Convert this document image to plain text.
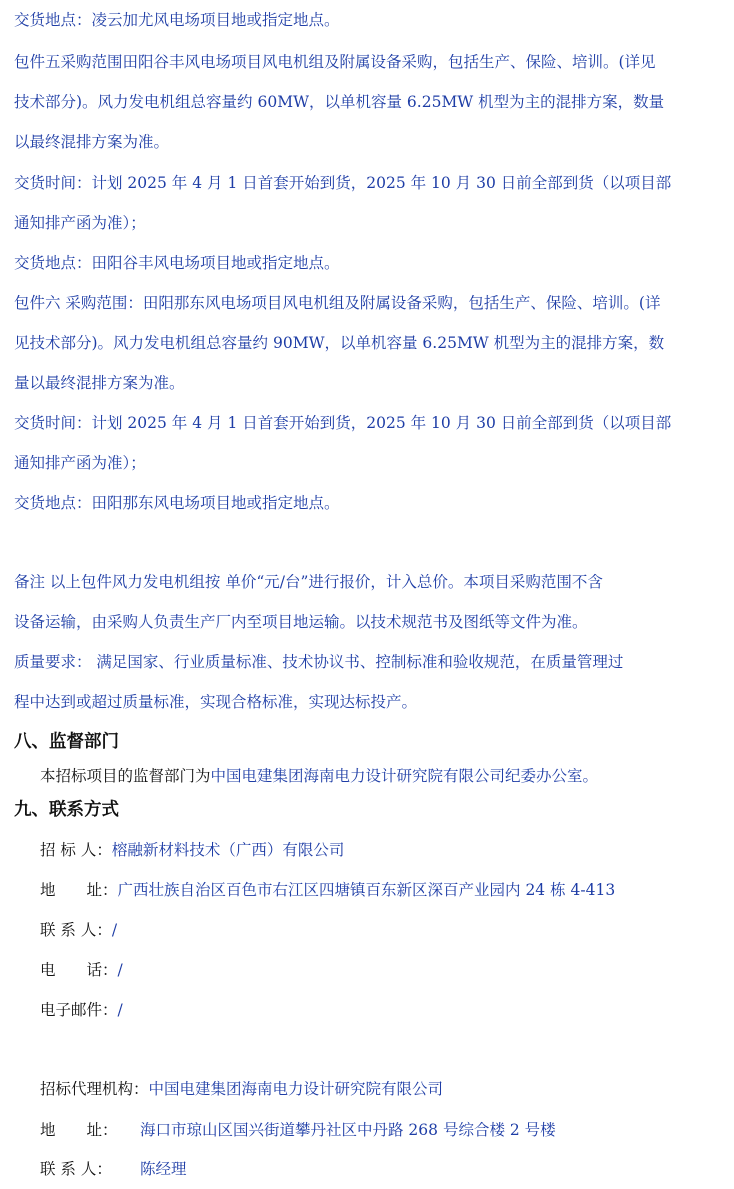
交货地点：凌云加尤风电场项目地或指定地点。

包件五采购范围田阳谷丰风电场项目风电机组及附属设备采购，包括生产、保险、培训。(详见

技术部分)。风力发电机组总容量约 60MW，以单机容量 6.25MW 机型为主的混排方案，数量

以最终混排方案为准。

交货时间：计划 2025 年 4 月 1 日首套开始到货，2025 年 10 月 30 日前全部到货（以项目部

通知排产函为准）；

交货地点：田阳谷丰风电场项目地或指定地点。

包件六 采购范围：田阳那东风电场项目风电机组及附属设备采购，包括生产、保险、培训。(详

见技术部分)。风力发电机组总容量约 90MW，以单机容量 6.25MW 机型为主的混排方案，数

量以最终混排方案为准。

交货时间：计划 2025 年 4 月 1 日首套开始到货，2025 年 10 月 30 日前全部到货（以项目部

通知排产函为准）；

交货地点：田阳那东风电场项目地或指定地点。

备注 以上包件风力发电机组按 单价“元/台”进行报价，计入总价。本项目采购范围不含

设备运输，由采购人负责生产厂内至项目地运输。以技术规范书及图纸等文件为准。

质量要求： 满足国家、行业质量标准、技术协议书、控制标准和验收规范，在质量管理过

程中达到或超过质量标准，实现合格标准，实现达标投产。

八、监督部门

本招标项目的监督部门为中国电建集团海南电力设计研究院有限公司纪委办公室。

九、联系方式

招 标 人：榕融新材料技术（广西）有限公司

地　　址：广西壮族自治区百色市右江区四塘镇百东新区深百产业园内 24 栋 4-413

联 系 人：/

电　　话：/

电子邮件：/

招标代理机构：中国电建集团海南电力设计研究院有限公司

地　　址： 海口市琼山区国兴街道攀丹社区中丹路 268 号综合楼 2 号楼

联 系 人： 陈经理
